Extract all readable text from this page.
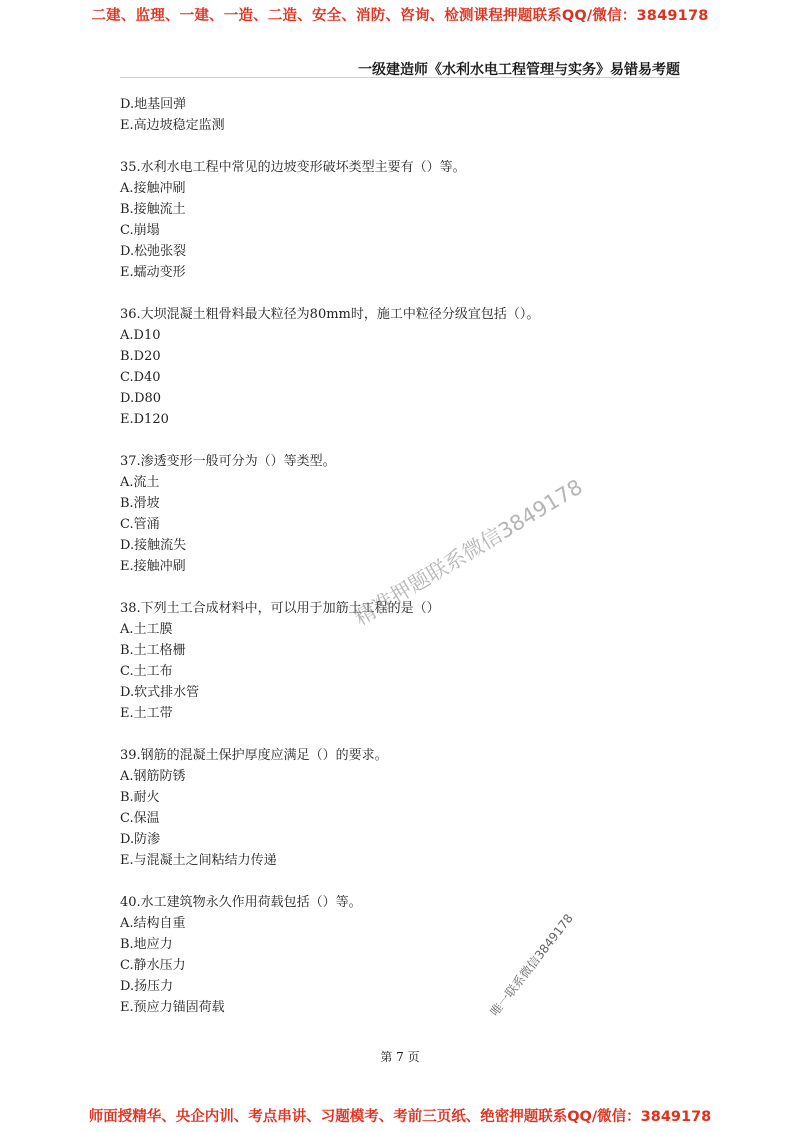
二建、监理、一建、一造、二造、安全、消防、咨询、检测课程押题联系QQ/微信：3849178
一级建造师《水利水电工程管理与实务》易错易考题
D.地基回弹
E.高边坡稳定监测
35.水利水电工程中常见的边坡变形破坏类型主要有（）等。
A.接触冲刷
B.接触流土
C.崩塌
D.松弛张裂
E.蠕动变形
36.大坝混凝土粗骨料最大粒径为80mm时，施工中粒径分级宜包括（）。
A.D10
B.D20
C.D40
D.D80
E.D120
37.渗透变形一般可分为（）等类型。
A.流土
B.滑坡
C.管涌
D.接触流失
E.接触冲刷
38.下列土工合成材料中，可以用于加筋土工程的是（）
A.土工膜
B.土工格栅
C.土工布
D.软式排水管
E.土工带
39.钢筋的混凝土保护厚度应满足（）的要求。
A.钢筋防锈
B.耐火
C.保温
D.防渗
E.与混凝土之间粘结力传递
40.水工建筑物永久作用荷载包括（）等。
A.结构自重
B.地应力
C.静水压力
D.扬压力
E.预应力锚固荷载
精准押题联系微信3849178
唯一联系微信3849178
第 7 页
师面授精华、央企内训、考点串讲、习题模考、考前三页纸、绝密押题联系QQ/微信：3849178
